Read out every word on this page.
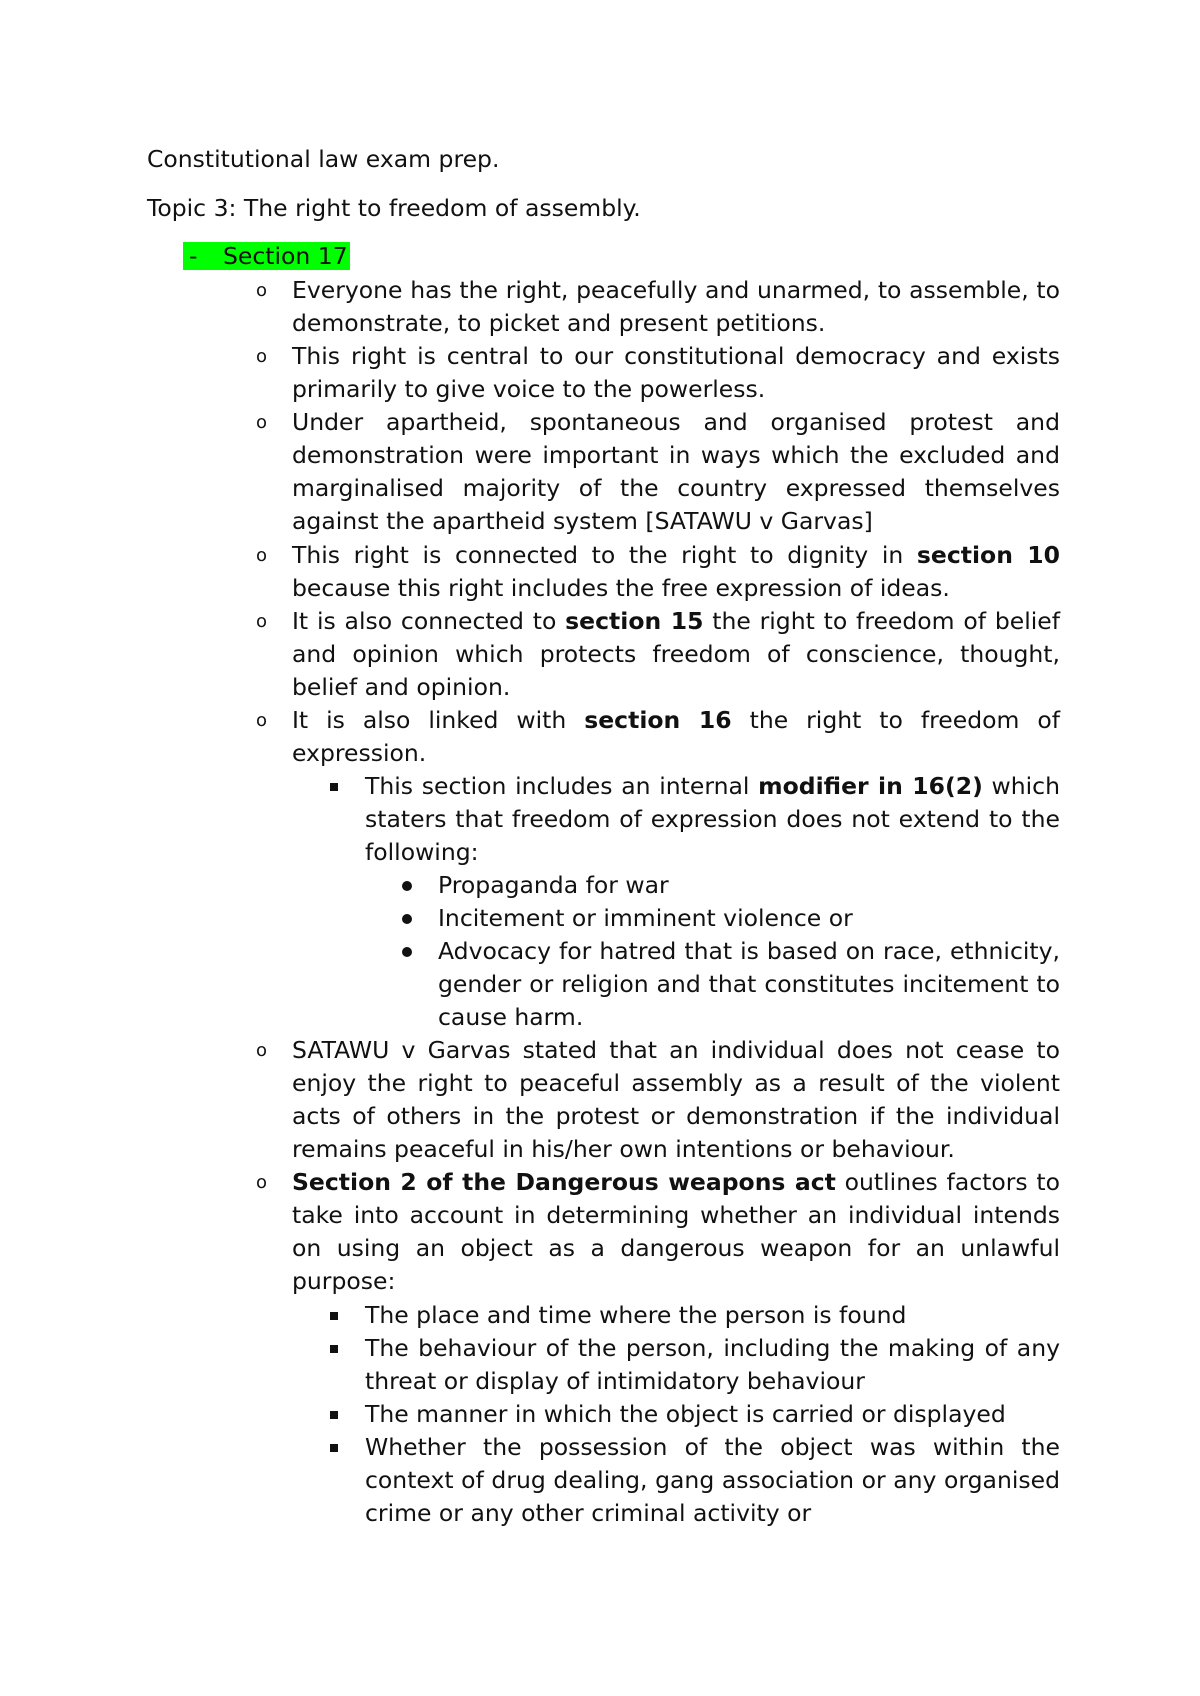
Constitutional law exam prep.
Topic 3: The right to freedom of assembly.
- Section 17
o Everyone has the right, peacefully and unarmed, to assemble, to demonstrate, to picket and present petitions.
o This right is central to our constitutional democracy and exists primarily to give voice to the powerless.
o Under apartheid, spontaneous and organised protest and demonstration were important in ways which the excluded and marginalised majority of the country expressed themselves against the apartheid system [SATAWU v Garvas]
o This right is connected to the right to dignity in section 10 because this right includes the free expression of ideas.
o It is also connected to section 15 the right to freedom of belief and opinion which protects freedom of conscience, thought, belief and opinion.
o It is also linked with section 16 the right to freedom of expression.
This section includes an internal modifier in 16(2) which staters that freedom of expression does not extend to the following:
Propaganda for war
Incitement or imminent violence or
Advocacy for hatred that is based on race, ethnicity, gender or religion and that constitutes incitement to cause harm.
o SATAWU v Garvas stated that an individual does not cease to enjoy the right to peaceful assembly as a result of the violent acts of others in the protest or demonstration if the individual remains peaceful in his/her own intentions or behaviour.
o Section 2 of the Dangerous weapons act outlines factors to take into account in determining whether an individual intends on using an object as a dangerous weapon for an unlawful purpose:
The place and time where the person is found
The behaviour of the person, including the making of any threat or display of intimidatory behaviour
The manner in which the object is carried or displayed
Whether the possession of the object was within the context of drug dealing, gang association or any organised crime or any other criminal activity or
